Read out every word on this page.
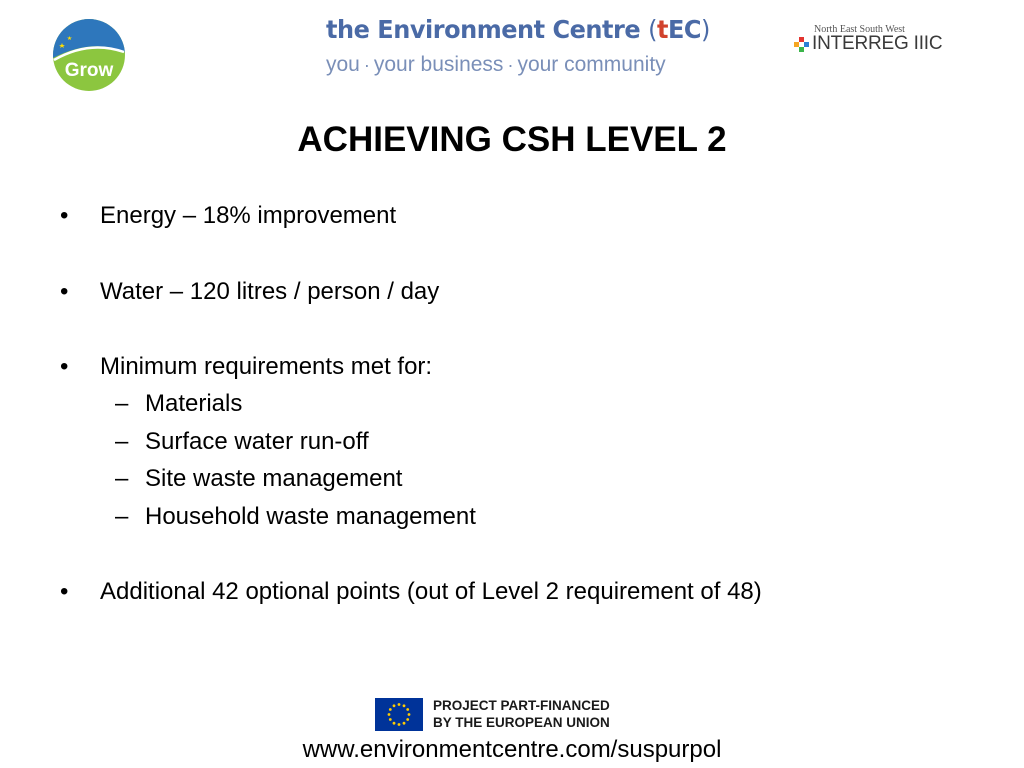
Grow
the Environment Centre (tEC)
you · your business · your community
North East South West
INTERREG IIIC
ACHIEVING CSH LEVEL 2
• Energy – 18% improvement
• Water – 120 litres / person / day
• Minimum requirements met for:
– Materials
– Surface water run-off
– Site waste management
– Household waste management
• Additional 42 optional points (out of Level 2 requirement of 48)
PROJECT PART-FINANCED
BY THE EUROPEAN UNION
www.environmentcentre.com/suspurpol
